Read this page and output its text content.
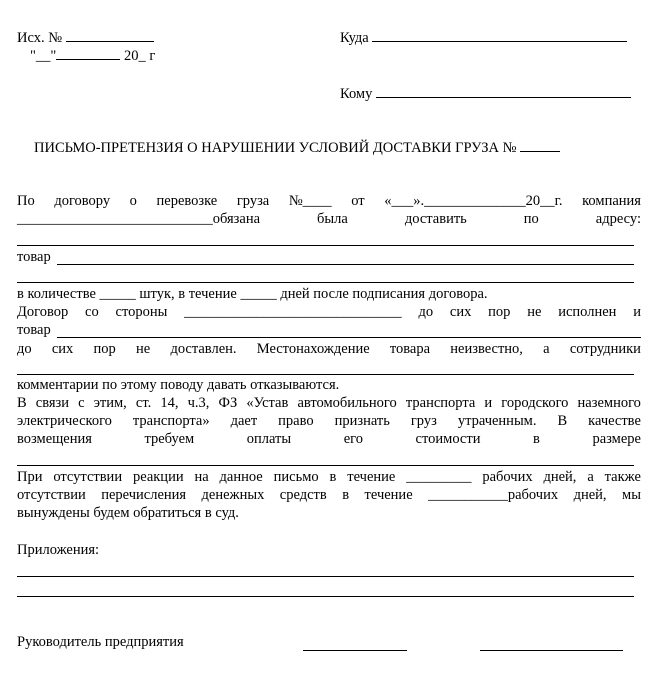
Исх. №
"__"	20_ г
Куда
Кому
ПИСЬМО-ПРЕТЕНЗИЯ О НАРУШЕНИИ УСЛОВИЙ ДОСТАВКИ ГРУЗА №
По договору о перевозке груза №____ от «___».______________20__г. компания
___________________________обязана	была	доставить	по	адресу:
товар
в количестве _____ штук, в течение _____ дней после подписания договора.
Договор со стороны ______________________________ до сих пор не исполнен и
товар
до сих пор не доставлен. Местонахождение товара неизвестно, а сотрудники
комментарии по этому поводу давать отказываются.
В связи с этим, ст. 14, ч.3, ФЗ «Устав автомобильного транспорта и городского наземного
электрического транспорта» дает право признать груз утраченным. В качестве
возмещения	требуем	оплаты	его	стоимости	в	размере
При отсутствии реакции на данное письмо в течение _________ рабочих дней, а также
отсутствии перечисления денежных средств в течение ___________рабочих дней, мы
вынуждены будем обратиться в суд.
Приложения:
Руководитель предприятия
